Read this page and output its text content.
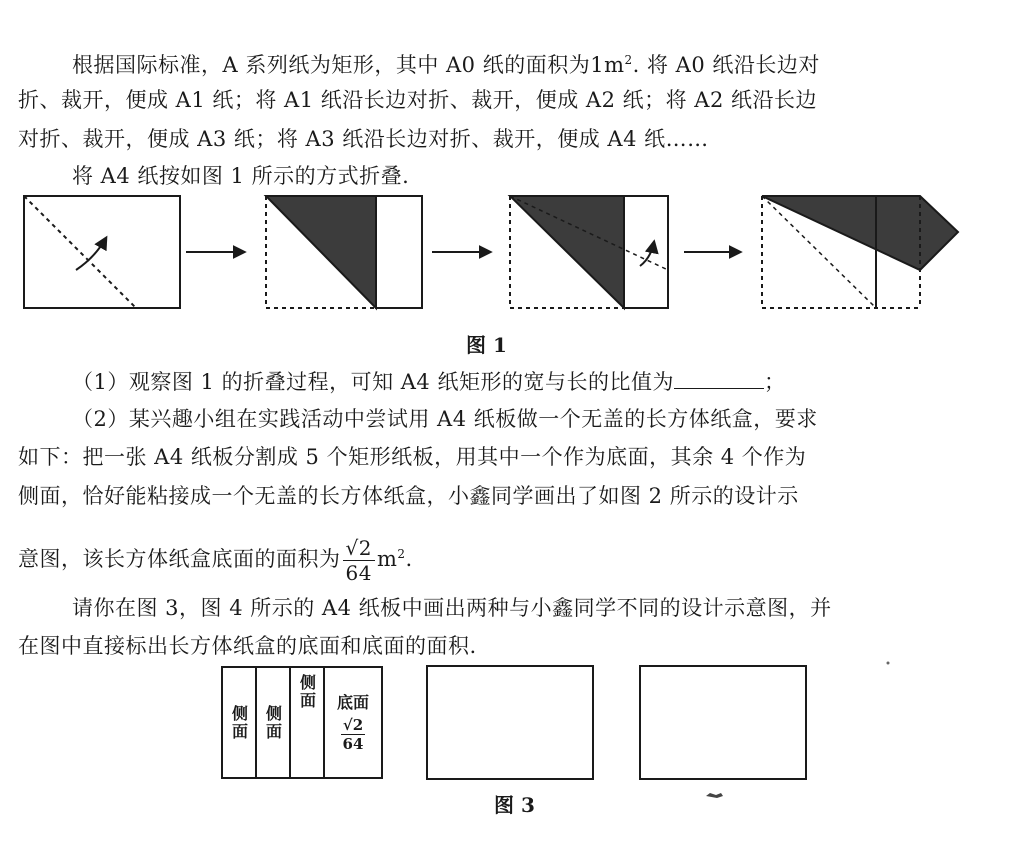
根据国际标准，A 系列纸为矩形，其中 A0 纸的面积为$1m^2$. 将 A0 纸沿长边对
折、裁开，便成 A1 纸；将 A1 纸沿长边对折、裁开，便成 A2 纸；将 A2 纸沿长边
对折、裁开，便成 A3 纸；将 A3 纸沿长边对折、裁开，便成 A4 纸……
将 A4 纸按如图 1 所示的方式折叠.
图 1
（1）观察图 1 的折叠过程，可知 A4 纸矩形的宽与长的比值为	；
（2）某兴趣小组在实践活动中尝试用 A4 纸板做一个无盖的长方体纸盒，要求
如下：把一张 A4 纸板分割成 5 个矩形纸板，用其中一个作为底面，其余 4 个作为
侧面，恰好能粘接成一个无盖的长方体纸盒，小鑫同学画出了如图 2 所示的设计示
意图，该长方体纸盒底面的面积为 $\frac{√2}{64} m^2$.
请你在图 3，图 4 所示的 A4 纸板中画出两种与小鑫同学不同的设计示意图，并
在图中直接标出长方体纸盒的底面和底面的面积.
侧面 侧面
侧面 底面
$\frac{√2}{64}$
图 3
